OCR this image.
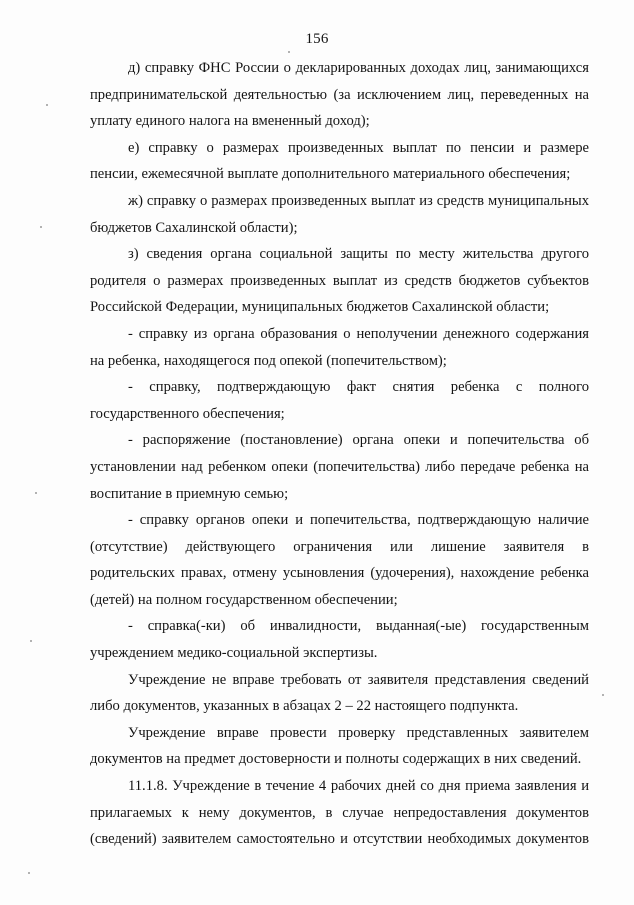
156

д) справку ФНС России о декларированных доходах лиц, занимающихся предпринимательской деятельностью (за исключением лиц, переведенных на уплату единого налога на вмененный доход);

е) справку о размерах произведенных выплат по пенсии и размере пенсии, ежемесячной выплате дополнительного материального обеспечения;

ж) справку о размерах произведенных выплат из средств муниципальных бюджетов Сахалинской области);

з) сведения органа социальной защиты по месту жительства другого родителя о размерах произведенных выплат из средств бюджетов субъектов Российской Федерации, муниципальных бюджетов Сахалинской области;

- справку из органа образования о неполучении денежного содержания на ребенка, находящегося под опекой (попечительством);

- справку, подтверждающую факт снятия ребенка с полного государственного обеспечения;

- распоряжение (постановление) органа опеки и попечительства об установлении над ребенком опеки (попечительства) либо передаче ребенка на воспитание в приемную семью;

- справку органов опеки и попечительства, подтверждающую наличие (отсутствие) действующего ограничения или лишение заявителя в родительских правах, отмену усыновления (удочерения), нахождение ребенка (детей) на полном государственном обеспечении;

- справка(-ки) об инвалидности, выданная(-ые) государственным учреждением медико-социальной экспертизы.

Учреждение не вправе требовать от заявителя представления сведений либо документов, указанных в абзацах 2 – 22 настоящего подпункта.

Учреждение вправе провести проверку представленных заявителем документов на предмет достоверности и полноты содержащих в них сведений.

11.1.8. Учреждение в течение 4 рабочих дней со дня приема заявления и прилагаемых к нему документов, в случае непредоставления документов (сведений) заявителем самостоятельно и отсутствии необходимых документов
